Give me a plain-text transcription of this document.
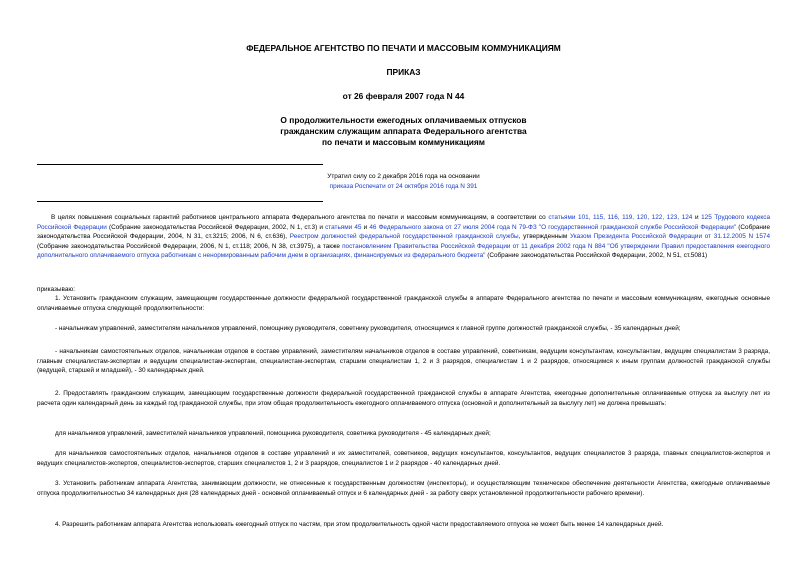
ФЕДЕРАЛЬНОЕ АГЕНТСТВО ПО ПЕЧАТИ И МАССОВЫМ КОММУНИКАЦИЯМ
ПРИКАЗ
от 26 февраля 2007 года N 44
О продолжительности ежегодных оплачиваемых отпусков
гражданским служащим аппарата Федерального агентства
по печати и массовым коммуникациям
Утратил силу со 2 декабря 2016 года на основании
приказа Роспечати от 24 октября 2016 года N 391
В целях повышения социальных гарантий работников центрального аппарата Федерального агентства по печати и массовым коммуникациям, в соответствии со статьями 101, 115, 116, 119, 120, 122, 123, 124 и 125 Трудового кодекса Российской Федерации (Собрание законодательства Российской Федерации, 2002, N 1, ст.3) и статьями 45 и 46 Федерального закона от 27 июля 2004 года N 79-ФЗ "О государственной гражданской службе Российской Федерации" (Собрание законодательства Российской Федерации, 2004, N 31, ст.3215; 2006, N 6, ст.636), Реестром должностей федеральной государственной гражданской службы, утвержденным Указом Президента Российской Федерации от 31.12.2005 N 1574 (Собрание законодательства Российской Федерации, 2006, N 1, ст.118; 2006, N 38, ст.3975), а также постановлением Правительства Российской Федерации от 11 декабря 2002 года N 884 "Об утверждении Правил предоставления ежегодного дополнительного оплачиваемого отпуска работникам с ненормированным рабочим днем в организациях, финансируемых из федерального бюджета" (Собрание законодательства Российской Федерации, 2002, N 51, ст.5081)
приказываю:
1. Установить гражданским служащим, замещающим государственные должности федеральной государственной гражданской службы в аппарате Федерального агентства по печати и массовым коммуникациям, ежегодные основные оплачиваемые отпуска следующей продолжительности:
- начальникам управлений, заместителям начальников управлений, помощнику руководителя, советнику руководителя, относящимся к главной группе должностей гражданской службы, - 35 календарных дней;
- начальникам самостоятельных отделов, начальникам отделов в составе управлений, заместителям начальников отделов в составе управлений, советникам, ведущим консультантам, консультантам, ведущим специалистам 3 разряда, главным специалистам-экспертам и ведущим специалистам-экспертам, специалистам-экспертам, старшим специалистам 1, 2 и 3 разрядов, специалистам 1 и 2 разрядов, относящимся к иным группам должностей гражданской службы (ведущей, старшей и младшей), - 30 календарных дней.
2. Предоставлять гражданским служащим, замещающим государственные должности федеральной государственной гражданской службы в аппарате Агентства, ежегодные дополнительные оплачиваемые отпуска за выслугу лет из расчета один календарный день за каждый год гражданской службы, при этом общая продолжительность ежегодного оплачиваемого отпуска (основной и дополнительный за выслугу лет) не должна превышать:
для начальников управлений, заместителей начальников управлений, помощника руководителя, советника руководителя - 45 календарных дней;
для начальников самостоятельных отделов, начальников отделов в составе управлений и их заместителей, советников, ведущих консультантов, консультантов, ведущих специалистов 3 разряда, главных специалистов-экспертов и ведущих специалистов-экспертов, специалистов-экспертов, старших специалистов 1, 2 и 3 разрядов, специалистов 1 и 2 разрядов - 40 календарных дней.
3. Установить работникам аппарата Агентства, занимающим должности, не отнесенные к государственным должностям (инспекторы), и осуществляющим техническое обеспечение деятельности Агентства, ежегодные оплачиваемые отпуска продолжительностью 34 календарных дня (28 календарных дней - основной оплачиваемый отпуск и 6 календарных дней - за работу сверх установленной продолжительности рабочего времени).
4. Разрешить работникам аппарата Агентства использовать ежегодный отпуск по частям, при этом продолжительность одной части предоставляемого отпуска не может быть менее 14 календарных дней.
